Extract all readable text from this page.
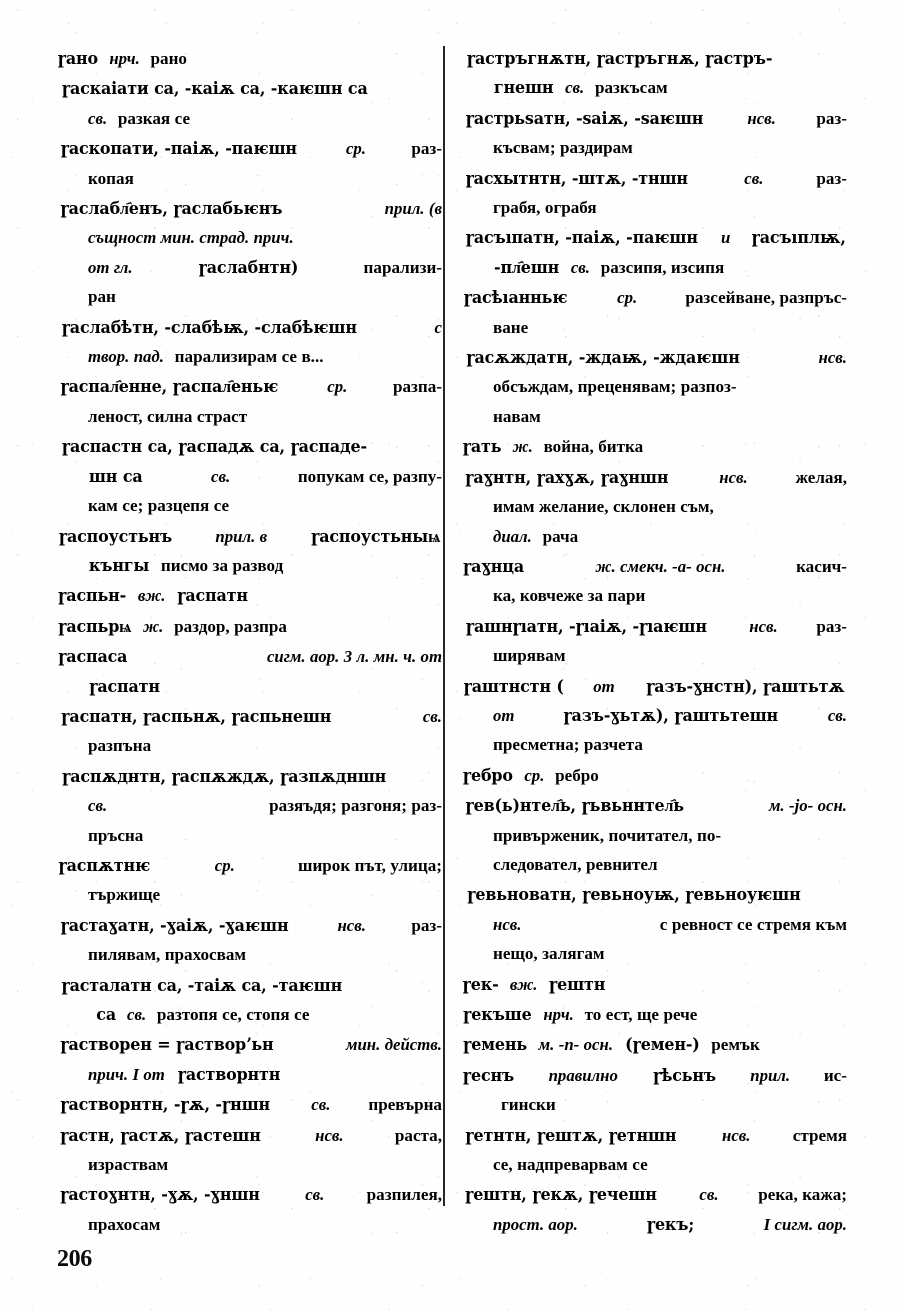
ɼано нрч. рано
ɼаскаіати са, -каіѫ са, -каѥшн са
св. разкая се
ɼаскопати, -паіѫ, -паѥшн	ср.	раз-
копая
ɼаслабл҄енъ, ɼаслабьѥнъ	прил. (в
същност мин. страд. прич.
от гл.	ɼаслабнтн)	парализи-
ран
ɼаслабѣтн, -слабѣѭ, -слабѣѥшн	с
твор. пад. парализирам се в...
ɼаспал҄енне, ɼаспал҄еньѥ	ср.	разпа-
леност, силна страст
ɼаспастн са, ɼаспадѫ са, ɼаспаде-
шн са	св.	попукам се, разпу-
кам се; разцепя се
ɼаспоустьнъ	прил. в	ɼаспоустьныѩ
кънгы писмо за развод
ɼаспьн- вж. ɼаспатн
ɼаспьрѩ ж. раздор, разпра
ɼаспаса	сигм. аор. 3 л. мн. ч. от
ɼаспатн
ɼаспатн, ɼаспьнѫ, ɼаспьнешн	св.
разпъна
ɼаспѫднтн, ɼаспѫждѫ, ɼазпѫдншн
св.	разяъдя; разгоня; раз-
пръсна
ɼаспѫтнѥ	ср.	широк път, улица;
тържище
ɼастаɣатн, -ɣаіѫ, -ɣаѥшн	нсв.	раз-
пилявам, прахосвам
ɼасталатн са, -таіѫ са, -таѥшн
са св. разтопя се, стопя се
ɼастворен = ɼастворʼьн	мин. действ.
прич. I от ɼастворнтн
ɼастворнтн, -ɼѫ, -ɼншн св. превърна
ɼастн, ɼастѫ, ɼастешн	нсв.	раста,
израствам
ɼастоɣнтн, -ɣѫ, -ɣншн	св. разпилея,
прахосам
ɼастръгнѫтн, ɼастръгнѫ, ɼастръ-
гнешн св. разкъсам
ɼастрьsатн, -sаіѫ, -sаѥшн	нсв. раз-
късвам; раздирам
ɼасхытнтн, -штѫ, -тншн	св.	раз-
грабя, ограбя
ɼасъıпатн, -паіѫ, -паѥшн и ɼасъıплѭ,
-пл҄ешн св. разсипя, изсипя
ɼасѣıанньѥ	ср.	разсейване, разпръс-
ване
ɼасѫждатн, -ждаѭ, -ждаѥшн	нсв.
обсъждам, преценявам; разпоз-
навам
ɼать ж. война, битка
ɼаɣнтн, ɼахɣѫ, ɼаɣншн	нсв.	желая,
имам желание, склонен съм,
диал. рача
ɼаɣнца	ж. смекч. -а- осн.	касич-
ка, ковчеже за пари
ɼашнɼıатн, -ɼıаіѫ, -ɼıаѥшн	нсв. раз-
ширявам
ɼаштнстн ( от ɼазъ-ɣнстн), ɼаштьтѫ
от	ɼазъ-ɣьтѫ), ɼаштьтешн	св.
пресметна; разчета
ɼебро ср. ребро
ɼев(ь)нтел҄ь, ɼьвьннтел҄ь	м. -јо- осн.
привърженик, почитател, по-
следовател, ревнител
ɼевьноватн, ɼевьноуѭ, ɼевьноуѥшн
нсв.	с ревност се стремя към
нещо, залягам
ɼек- вж. ɼештн
ɼекъше нрч. то ест, ще рече
ɼемень м. -n- осн. (ɼемен-) ремък
ɼеснъ правилно ɼѣсьнъ прил. ис-
гински
ɼетнтн, ɼештѫ, ɼетншн	нсв. стремя
се, надпреварвам се
ɼештн, ɼекѫ, ɼечешн	св. река, кажа;
прост. аор.	ɼекъ;	I сигм. аор.
206
